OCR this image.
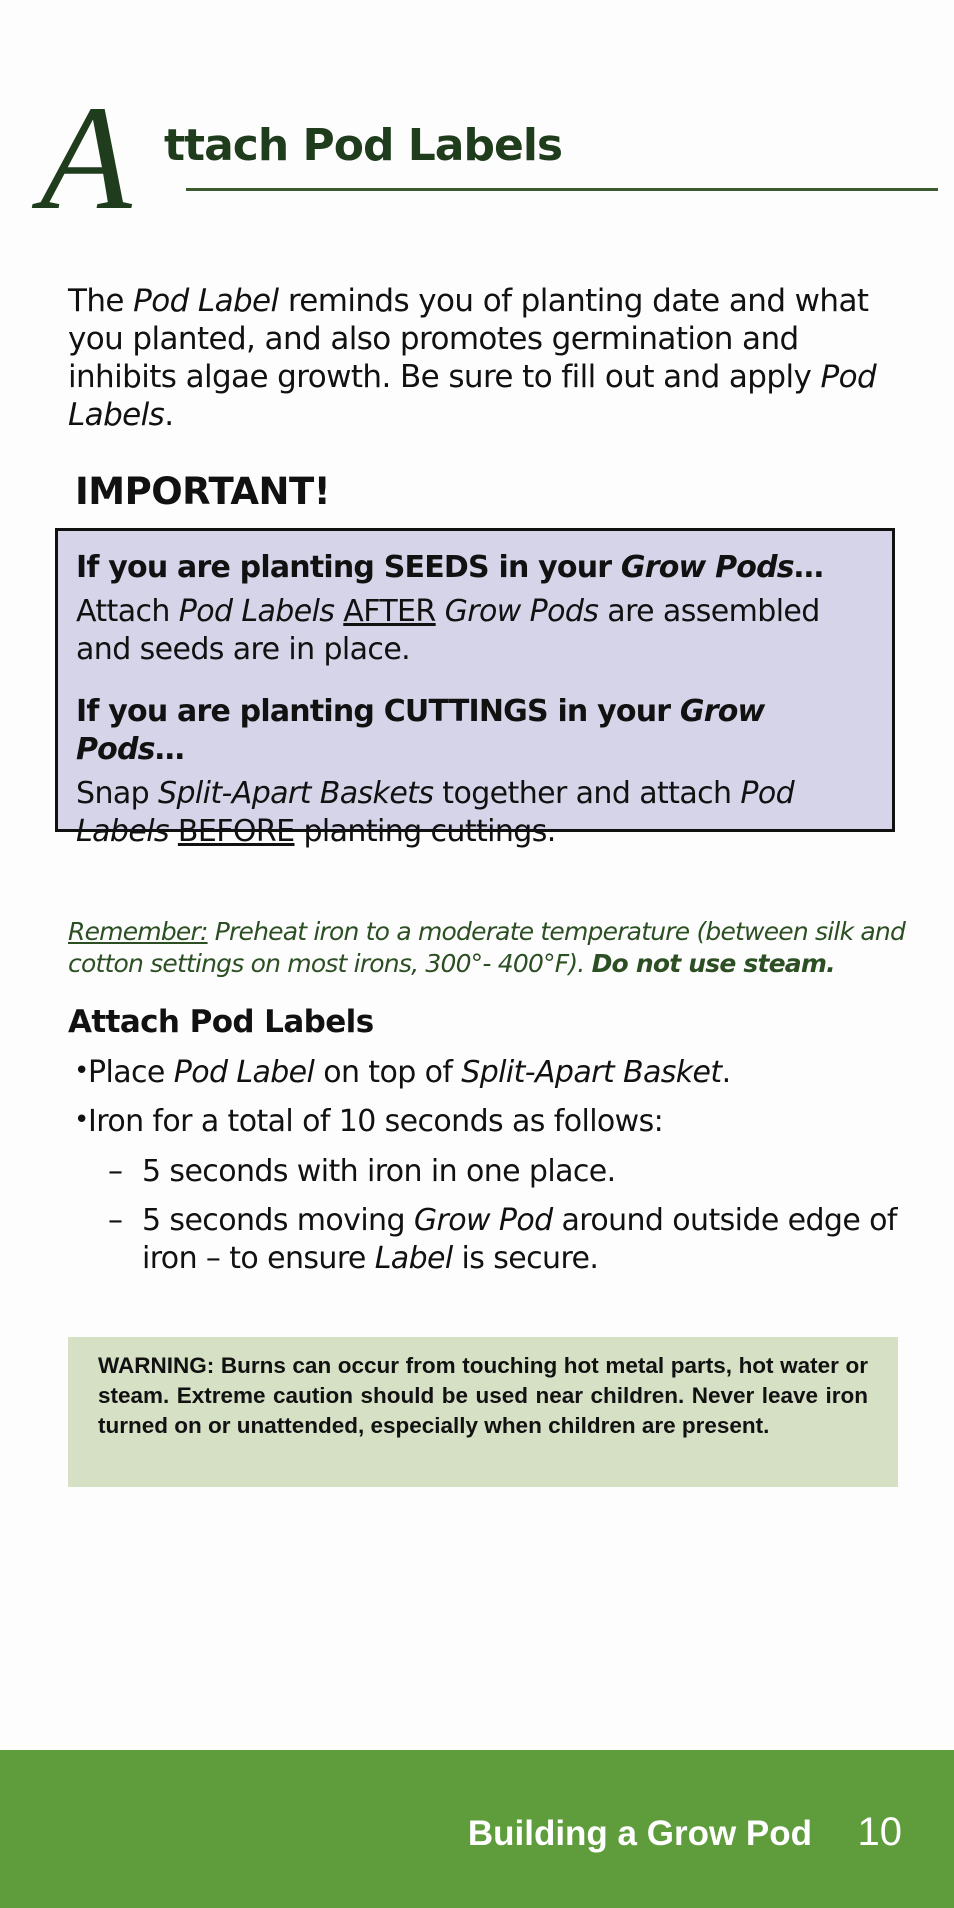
A ttach Pod Labels

The Pod Label reminds you of planting date and what you planted, and also promotes germination and inhibits algae growth. Be sure to fill out and apply Pod Labels.

IMPORTANT!
If you are planting SEEDS in your Grow Pods…
Attach Pod Labels AFTER Grow Pods are assembled and seeds are in place.
If you are planting CUTTINGS in your Grow Pods…
Snap Split-Apart Baskets together and attach Pod Labels BEFORE planting cuttings.

Remember: Preheat iron to a moderate temperature (between silk and cotton settings on most irons, 300°- 400°F). Do not use steam.

Attach Pod Labels
• Place Pod Label on top of Split-Apart Basket.
• Iron for a total of 10 seconds as follows:
– 5 seconds with iron in one place.
– 5 seconds moving Grow Pod around outside edge of iron – to ensure Label is secure.
WARNING: Burns can occur from touching hot metal parts, hot water or steam. Extreme caution should be used near children. Never leave iron turned on or unattended, especially when children are present.
Building a Grow Pod 10
